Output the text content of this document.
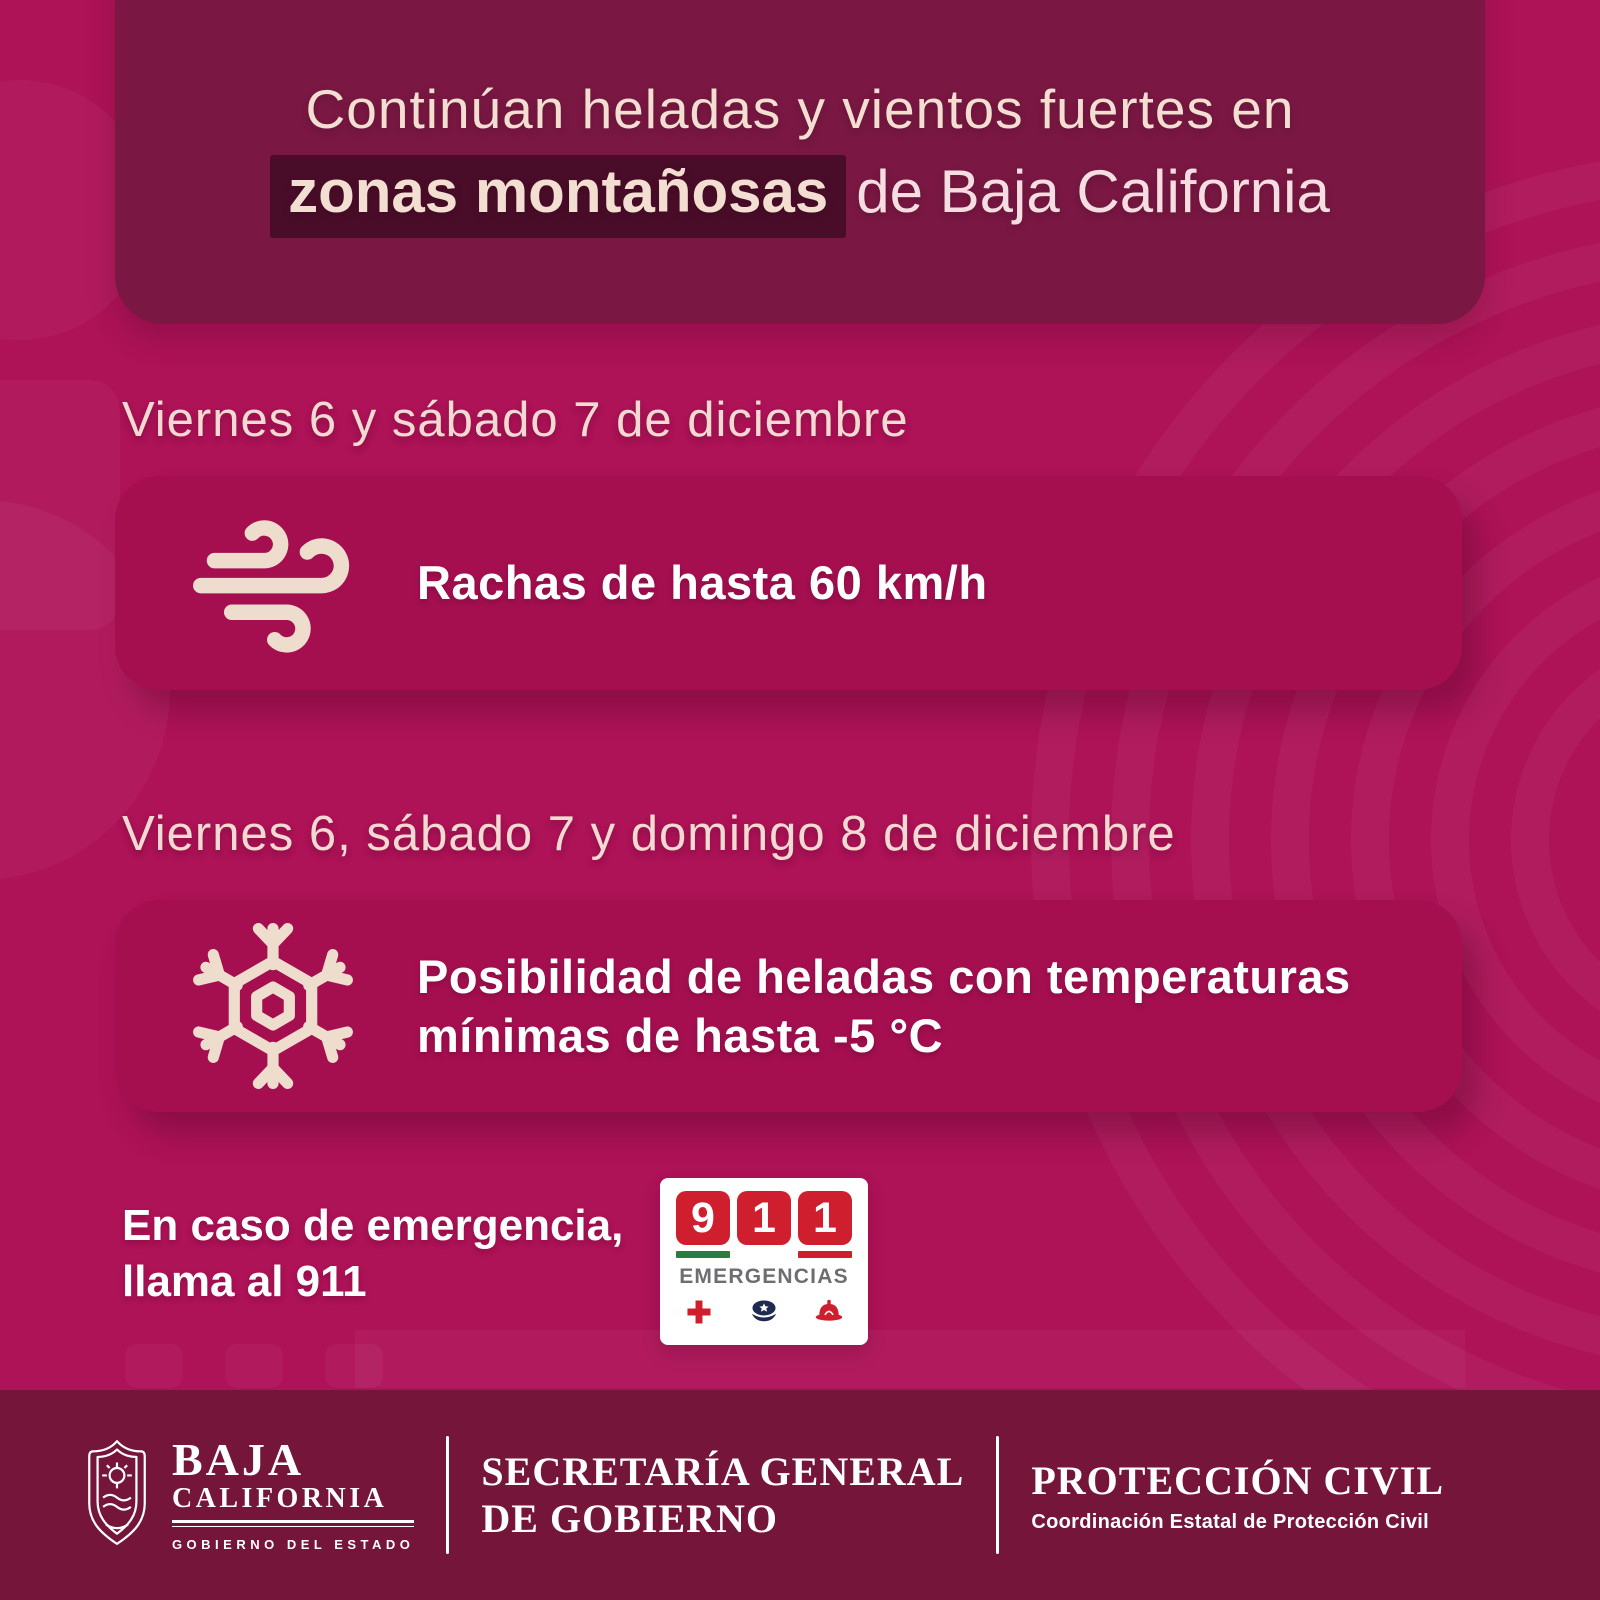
Continúan heladas y vientos fuertes en
zonas montañosas de Baja California
Viernes 6 y sábado 7 de diciembre
Rachas de hasta 60 km/h
Viernes 6, sábado 7 y domingo 8 de diciembre
Posibilidad de heladas con temperaturas
mínimas de hasta -5 °C
En caso de emergencia,
llama al 911
9 1 1
EMERGENCIAS
BAJA
CALIFORNIA
GOBIERNO DEL ESTADO
SECRETARÍA GENERAL
DE GOBIERNO
PROTECCIÓN CIVIL
Coordinación Estatal de Protección Civil
